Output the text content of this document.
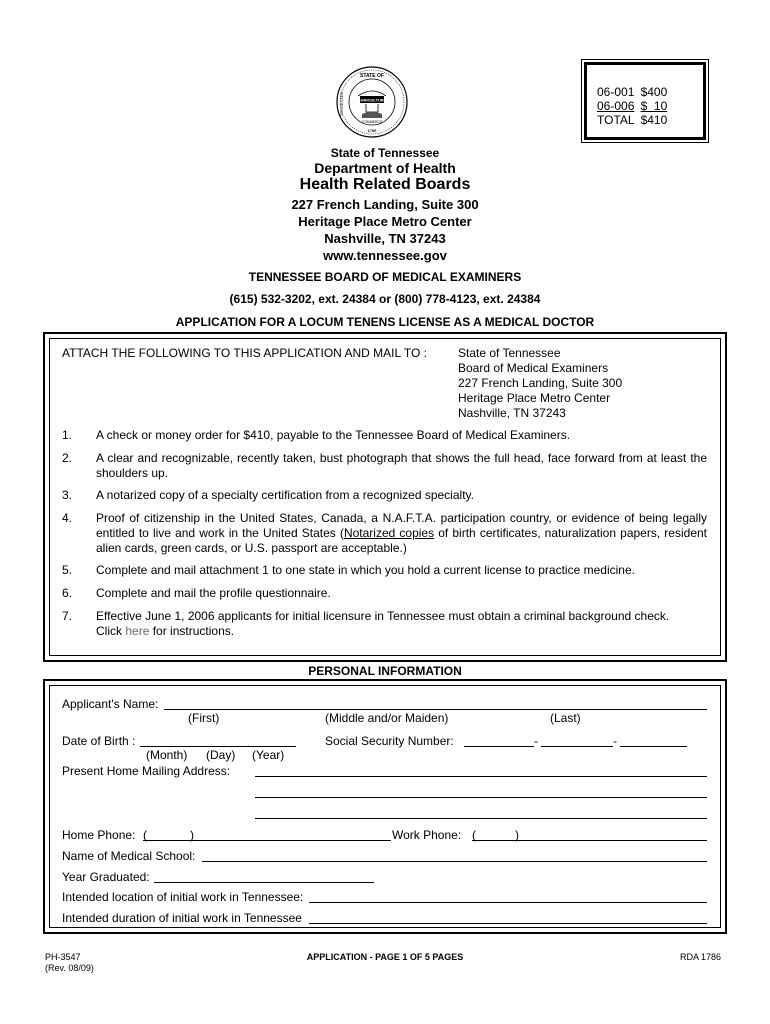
STATE OF
TENNESSEE	AGRICULTURE
COMMERCE
1796
06-001	$400
06-006	$  10
TOTAL	$410
State of Tennessee
Department of Health
Health Related Boards
227 French Landing, Suite 300
Heritage Place Metro Center
Nashville, TN 37243
www.tennessee.gov
TENNESSEE BOARD OF MEDICAL EXAMINERS
(615) 532-3202, ext. 24384 or (800) 778-4123, ext. 24384
APPLICATION FOR A LOCUM TENENS LICENSE AS A MEDICAL DOCTOR
ATTACH THE FOLLOWING TO THIS APPLICATION AND MAIL TO :	State of Tennessee
Board of Medical Examiners
227 French Landing, Suite 300
Heritage Place Metro Center
Nashville, TN 37243
1. A check or money order for $410, payable to the Tennessee Board of Medical Examiners.
2. A clear and recognizable, recently taken, bust photograph that shows the full head, face forward from at least the shoulders up.
3. A notarized copy of a specialty certification from a recognized specialty.
4. Proof of citizenship in the United States, Canada, a N.A.F.T.A. participation country, or evidence of being legally entitled to live and work in the United States (Notarized copies of birth certificates, naturalization papers, resident alien cards, green cards, or U.S. passport are acceptable.)
5. Complete and mail attachment 1 to one state in which you hold a current license to practice medicine.
6. Complete and mail the profile questionnaire.
7. Effective June 1, 2006 applicants for initial licensure in Tennessee must obtain a criminal background check.
Click here for instructions.
PERSONAL INFORMATION
Applicant's Name:
(First)	(Middle and/or Maiden)	(Last)
Date of Birth :
(Month) (Day) (Year)
Social Security Number:	-	-
Present Home Mailing Address:
Home Phone: (	)	Work Phone: (	)
Name of Medical School:
Year Graduated:
Intended location of initial work in Tennessee:
Intended duration of initial work in Tennessee
PH-3547
(Rev. 08/09)
APPLICATION - PAGE 1 OF 5 PAGES	RDA 1786
